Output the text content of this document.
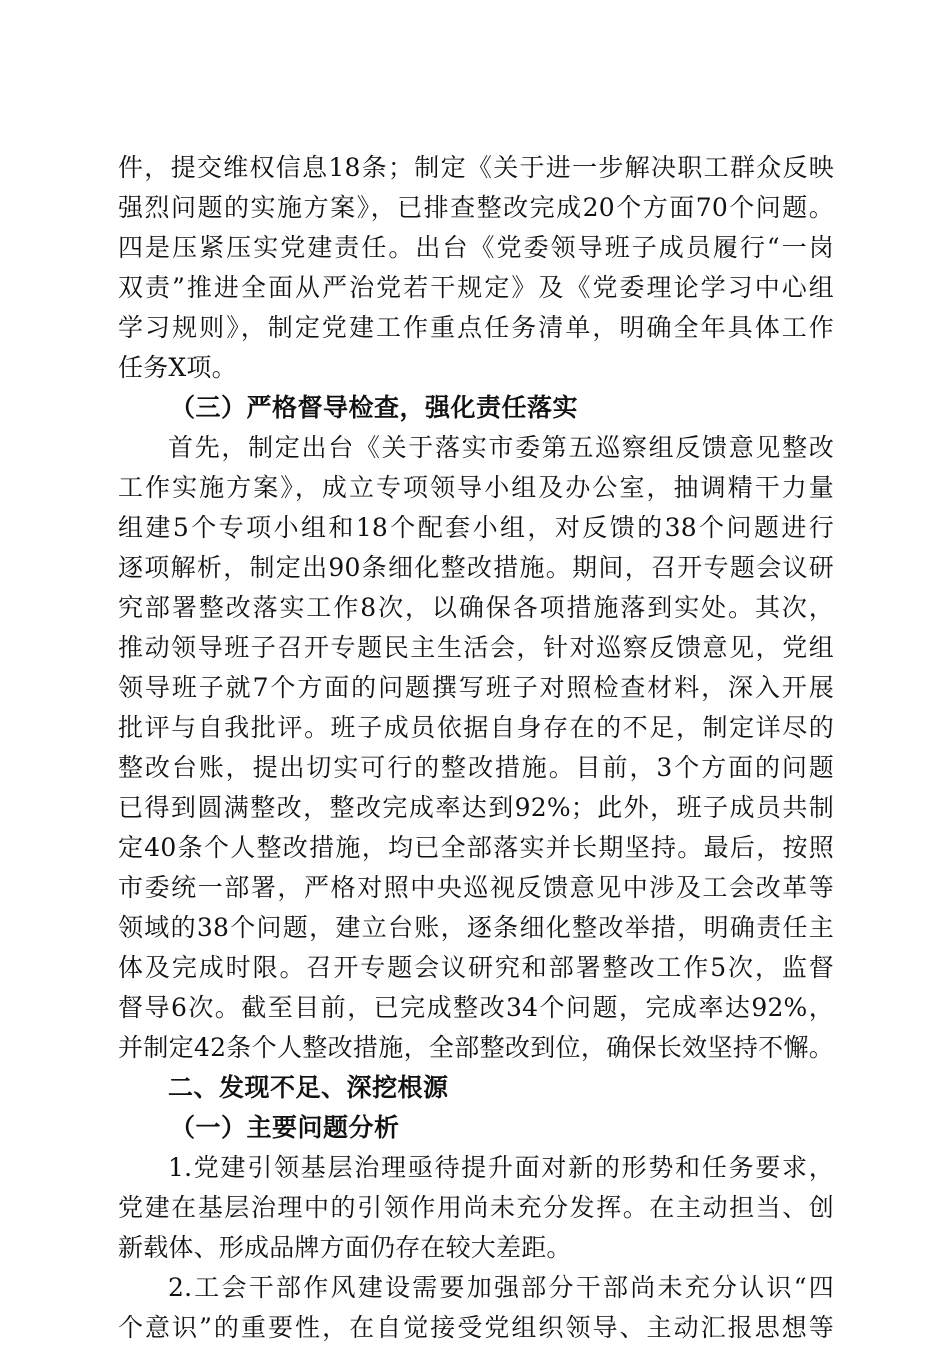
件，提交维权信息18条；制定《关于进一步解决职工群众反映
强烈问题的实施方案》，已排查整改完成20个方面70个问题。
四是压紧压实党建责任。出台《党委领导班子成员履行“一岗
双责”推进全面从严治党若干规定》及《党委理论学习中心组
学习规则》，制定党建工作重点任务清单，明确全年具体工作
任务X项。
（三）严格督导检查，强化责任落实
首先，制定出台《关于落实市委第五巡察组反馈意见整改
工作实施方案》，成立专项领导小组及办公室，抽调精干力量
组建5个专项小组和18个配套小组，对反馈的38个问题进行
逐项解析，制定出90条细化整改措施。期间，召开专题会议研
究部署整改落实工作8次，以确保各项措施落到实处。其次，
推动领导班子召开专题民主生活会，针对巡察反馈意见，党组
领导班子就7个方面的问题撰写班子对照检查材料，深入开展
批评与自我批评。班子成员依据自身存在的不足，制定详尽的
整改台账，提出切实可行的整改措施。目前，3个方面的问题
已得到圆满整改，整改完成率达到92%；此外，班子成员共制
定40条个人整改措施，均已全部落实并长期坚持。最后，按照
市委统一部署，严格对照中央巡视反馈意见中涉及工会改革等
领域的38个问题，建立台账，逐条细化整改举措，明确责任主
体及完成时限。召开专题会议研究和部署整改工作5次，监督
督导6次。截至目前，已完成整改34个问题，完成率达92%，
并制定42条个人整改措施，全部整改到位，确保长效坚持不懈。
二、发现不足、深挖根源
（一）主要问题分析
1.党建引领基层治理亟待提升面对新的形势和任务要求，
党建在基层治理中的引领作用尚未充分发挥。在主动担当、创
新载体、形成品牌方面仍存在较大差距。
2.工会干部作风建设需要加强部分干部尚未充分认识“四
个意识”的重要性，在自觉接受党组织领导、主动汇报思想等
